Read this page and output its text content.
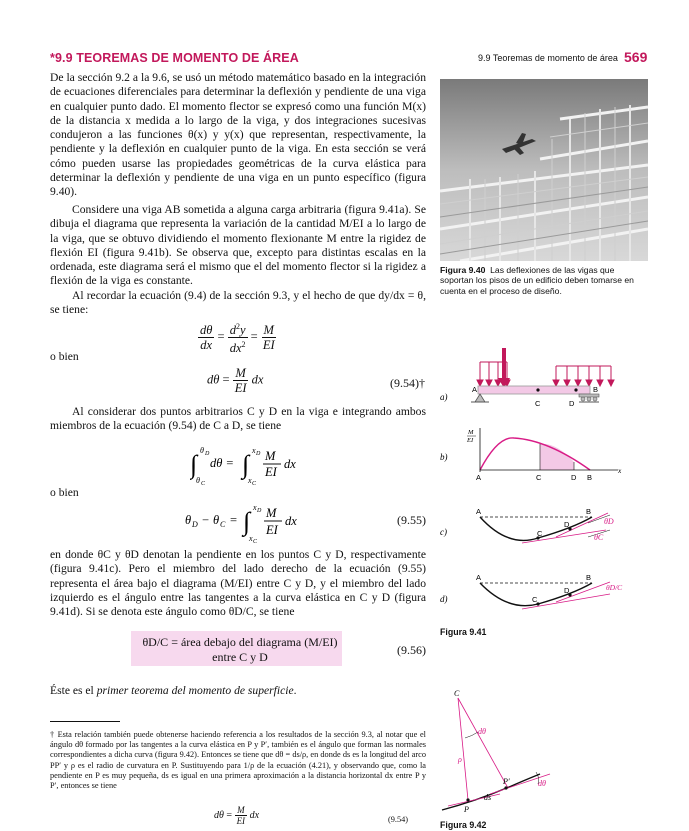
*9.9 TEOREMAS DE MOMENTO DE ÁREA	9.9 Teoremas de momento de área 569

De la sección 9.2 a la 9.6, se usó un método matemático basado en la integración de ecuaciones diferenciales para determinar la deflexión y pendiente de una viga en cualquier punto dado. El momento flector se expresó como una función M(x) de la distancia x medida a lo largo de la viga, y dos integraciones sucesivas condujeron a las funciones θ(x) y y(x) que representan, respectivamente, la pendiente y la deflexión en cualquier punto de la viga. En esta sección se verá cómo pueden usarse las propiedades geométricas de la curva elástica para determinar la deflexión y pendiente de una viga en un punto específico (figura 9.40).

Considere una viga AB sometida a alguna carga arbitraria (figura 9.41a). Se dibuja el diagrama que representa la variación de la cantidad M/EI a lo largo de la viga, que se obtuvo dividiendo el momento flexionante M entre la rigidez de flexión EI (figura 9.41b). Se observa que, excepto para distintas escalas en la ordenada, este diagrama será el mismo que el del momento flector si la rigidez a flexión de la viga es constante.

Al recordar la ecuación (9.4) de la sección 9.3, y el hecho de que dy/dx = θ, se tiene:

$\frac{d\theta}{dx} = \frac{d^2y}{dx^2} = \frac{M}{EI}$
o bien
$d\theta = \frac{M}{EI}$ dx	(9.54)†

Al considerar dos puntos arbitrarios C y D en la viga e integrando ambos miembros de la ecuación (9.54) de C a D, se tiene

∫ θ D
θ C
dθ = ∫ x D
x C
M
EI
dx
o bien
θ D − θ C = ∫ x D
x C
M
EI
dx	(9.55)

en donde θC y θD denotan la pendiente en los puntos C y D, respectivamente (figura 9.41c). Pero el miembro del lado derecho de la ecuación (9.55) representa el área bajo el diagrama (M/EI) entre C y D, y el miembro del lado izquierdo es el ángulo entre las tangentes a la curva elástica en C y D (figura 9.41d). Si se denota este ángulo como θD/C, se tiene

θD/C = área debajo del diagrama (M/EI)
entre C y D	(9.56)
Éste es el primer teorema del momento de superficie.
† Esta relación también puede obtenerse haciendo referencia a los resultados de la sección 9.3, al notar que el ángulo dθ formado por las tangentes a la curva elástica en P y P′, también es el ángulo que forman las normales correspondientes a dicha curva (figura 9.42). Entonces se tiene que dθ = ds/ρ, en donde ds es la longitud del arco PP′ y ρ es el radio de curvatura en P. Sustituyendo para 1/ρ de la ecuación (4.21), y observando que, como la pendiente en P es muy pequeña, ds es igual en una primera aproximación a la distancia horizontal dx entre P y P′, entonces se tiene
$d\theta = \frac{M}{EI}$ dx	(9.54)
Figura 9.40 Las deflexiones de las vigas que soportan los pisos de un edificio deben tomarse en cuenta en el proceso de diseño.
a)
A	B
C	D
b)
M
EI
A	C	D B
x
c)
A	B
C
D	θD
θC
d)
A	B
C
D	θD/C
Figura 9.41
C
dθ
ρ
P
P′
ds
dθ
Figura 9.42
